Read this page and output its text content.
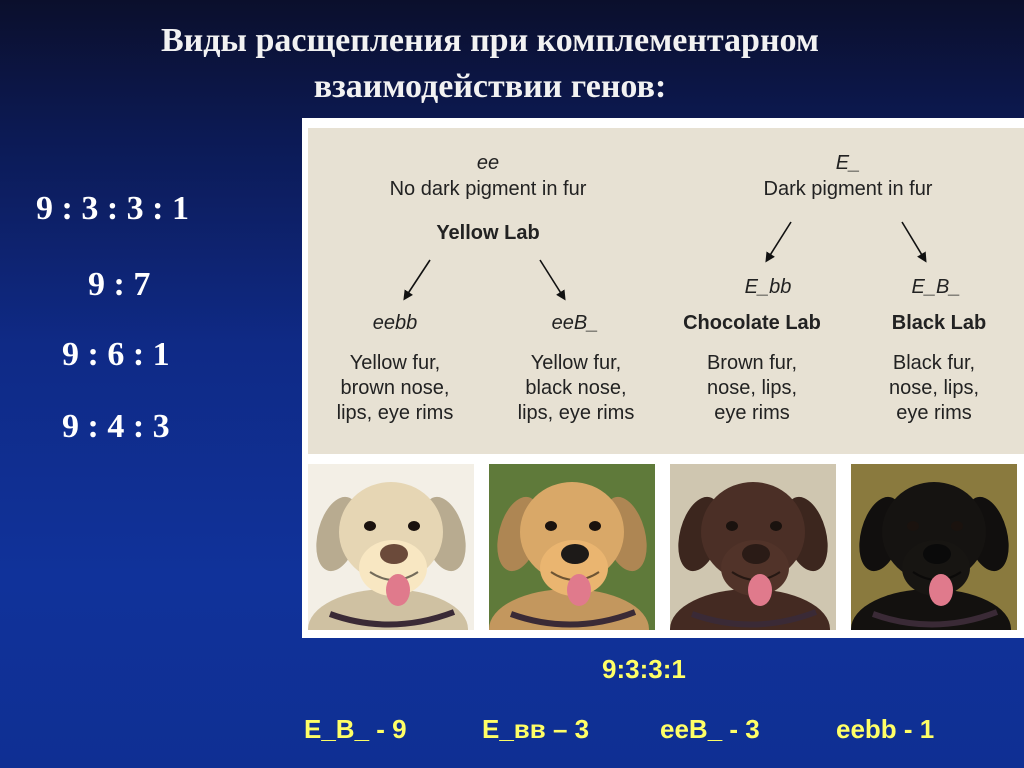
Виды расщепления при комплементарном
взаимодействии генов:
9 : 3 : 3 : 1
9 : 7
9 : 6 : 1
9 : 4 : 3
ee
No dark pigment in fur
Yellow Lab
E_
Dark pigment in fur
E_bb	E_B_
eebb	eeB_	Chocolate Lab	Black Lab
Yellow fur,
brown nose,
lips, eye rims
Yellow fur,
black nose,
lips, eye rims
Brown fur,
nose, lips,
eye rims
Black fur,
nose, lips,
eye rims
9:3:3:1
Е_В_ - 9	Е_вв – 3	ееВ_ - 3	eebb - 1
